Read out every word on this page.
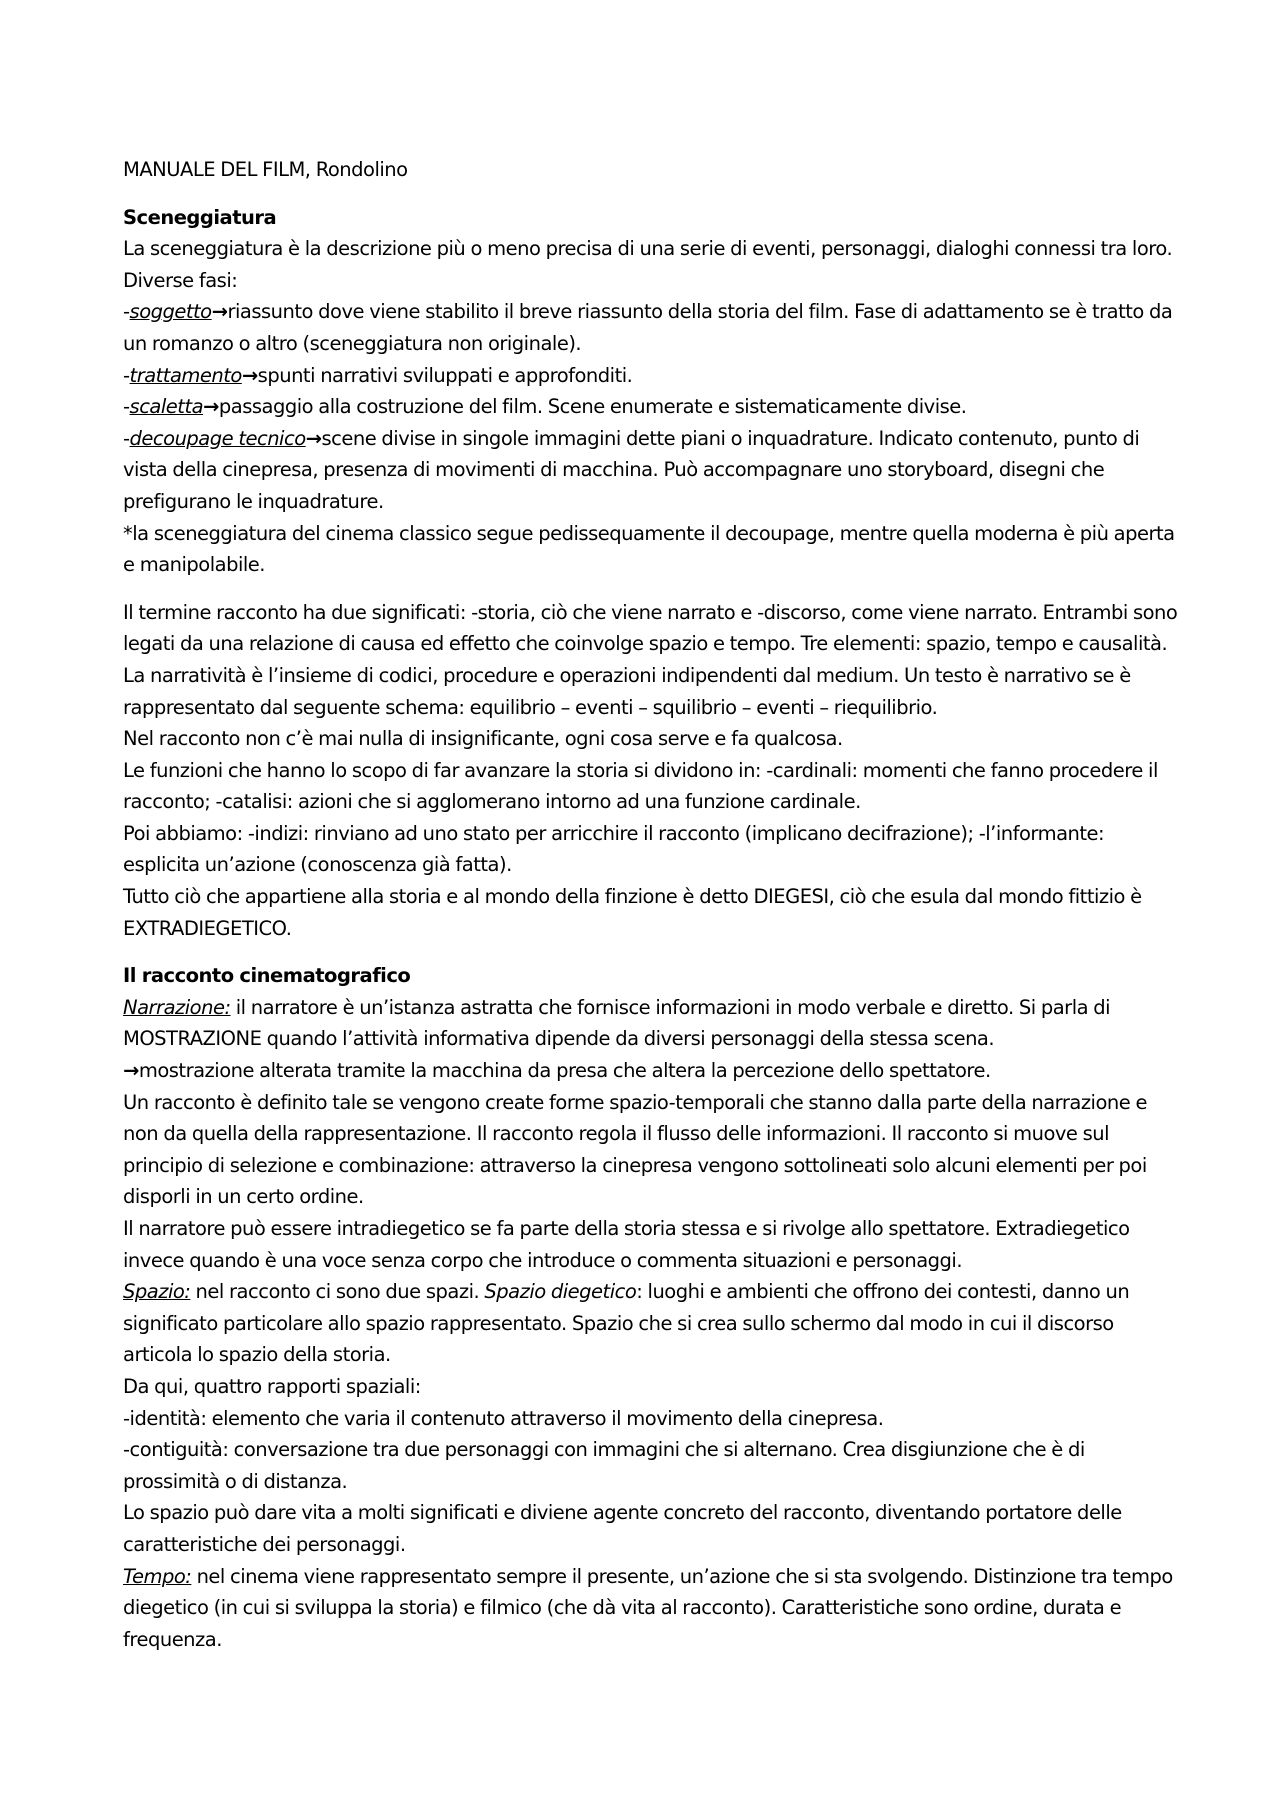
MANUALE DEL FILM, Rondolino

Sceneggiatura

La sceneggiatura è la descrizione più o meno precisa di una serie di eventi, personaggi, dialoghi connessi tra loro. Diverse fasi:

-soggetto→riassunto dove viene stabilito il breve riassunto della storia del film. Fase di adattamento se è tratto da un romanzo o altro (sceneggiatura non originale).

-trattamento→spunti narrativi sviluppati e approfonditi.

-scaletta→passaggio alla costruzione del film. Scene enumerate e sistematicamente divise.

-decoupage tecnico→scene divise in singole immagini dette piani o inquadrature. Indicato contenuto, punto di vista della cinepresa, presenza di movimenti di macchina. Può accompagnare uno storyboard, disegni che prefigurano le inquadrature.

*la sceneggiatura del cinema classico segue pedissequamente il decoupage, mentre quella moderna è più aperta e manipolabile.

Il termine racconto ha due significati: -storia, ciò che viene narrato e -discorso, come viene narrato. Entrambi sono legati da una relazione di causa ed effetto che coinvolge spazio e tempo. Tre elementi: spazio, tempo e causalità.

La narratività è l’insieme di codici, procedure e operazioni indipendenti dal medium. Un testo è narrativo se è rappresentato dal seguente schema: equilibrio – eventi – squilibrio – eventi – riequilibrio.

Nel racconto non c’è mai nulla di insignificante, ogni cosa serve e fa qualcosa.

Le funzioni che hanno lo scopo di far avanzare la storia si dividono in: -cardinali: momenti che fanno procedere il racconto; -catalisi: azioni che si agglomerano intorno ad una funzione cardinale.

Poi abbiamo: -indizi: rinviano ad uno stato per arricchire il racconto (implicano decifrazione); -l’informante: esplicita un’azione (conoscenza già fatta).

Tutto ciò che appartiene alla storia e al mondo della finzione è detto DIEGESI, ciò che esula dal mondo fittizio è EXTRADIEGETICO.

Il racconto cinematografico

Narrazione: il narratore è un’istanza astratta che fornisce informazioni in modo verbale e diretto. Si parla di MOSTRAZIONE quando l’attività informativa dipende da diversi personaggi della stessa scena.

→mostrazione alterata tramite la macchina da presa che altera la percezione dello spettatore.

Un racconto è definito tale se vengono create forme spazio-temporali che stanno dalla parte della narrazione e non da quella della rappresentazione. Il racconto regola il flusso delle informazioni. Il racconto si muove sul principio di selezione e combinazione: attraverso la cinepresa vengono sottolineati solo alcuni elementi per poi disporli in un certo ordine.

Il narratore può essere intradiegetico se fa parte della storia stessa e si rivolge allo spettatore. Extradiegetico invece quando è una voce senza corpo che introduce o commenta situazioni e personaggi.

Spazio: nel racconto ci sono due spazi. Spazio diegetico: luoghi e ambienti che offrono dei contesti, danno un significato particolare allo spazio rappresentato. Spazio che si crea sullo schermo dal modo in cui il discorso articola lo spazio della storia.

Da qui, quattro rapporti spaziali:

-identità: elemento che varia il contenuto attraverso il movimento della cinepresa.

-contiguità: conversazione tra due personaggi con immagini che si alternano. Crea disgiunzione che è di prossimità o di distanza.

Lo spazio può dare vita a molti significati e diviene agente concreto del racconto, diventando portatore delle caratteristiche dei personaggi.

Tempo: nel cinema viene rappresentato sempre il presente, un’azione che si sta svolgendo. Distinzione tra tempo diegetico (in cui si sviluppa la storia) e filmico (che dà vita al racconto). Caratteristiche sono ordine, durata e frequenza.
